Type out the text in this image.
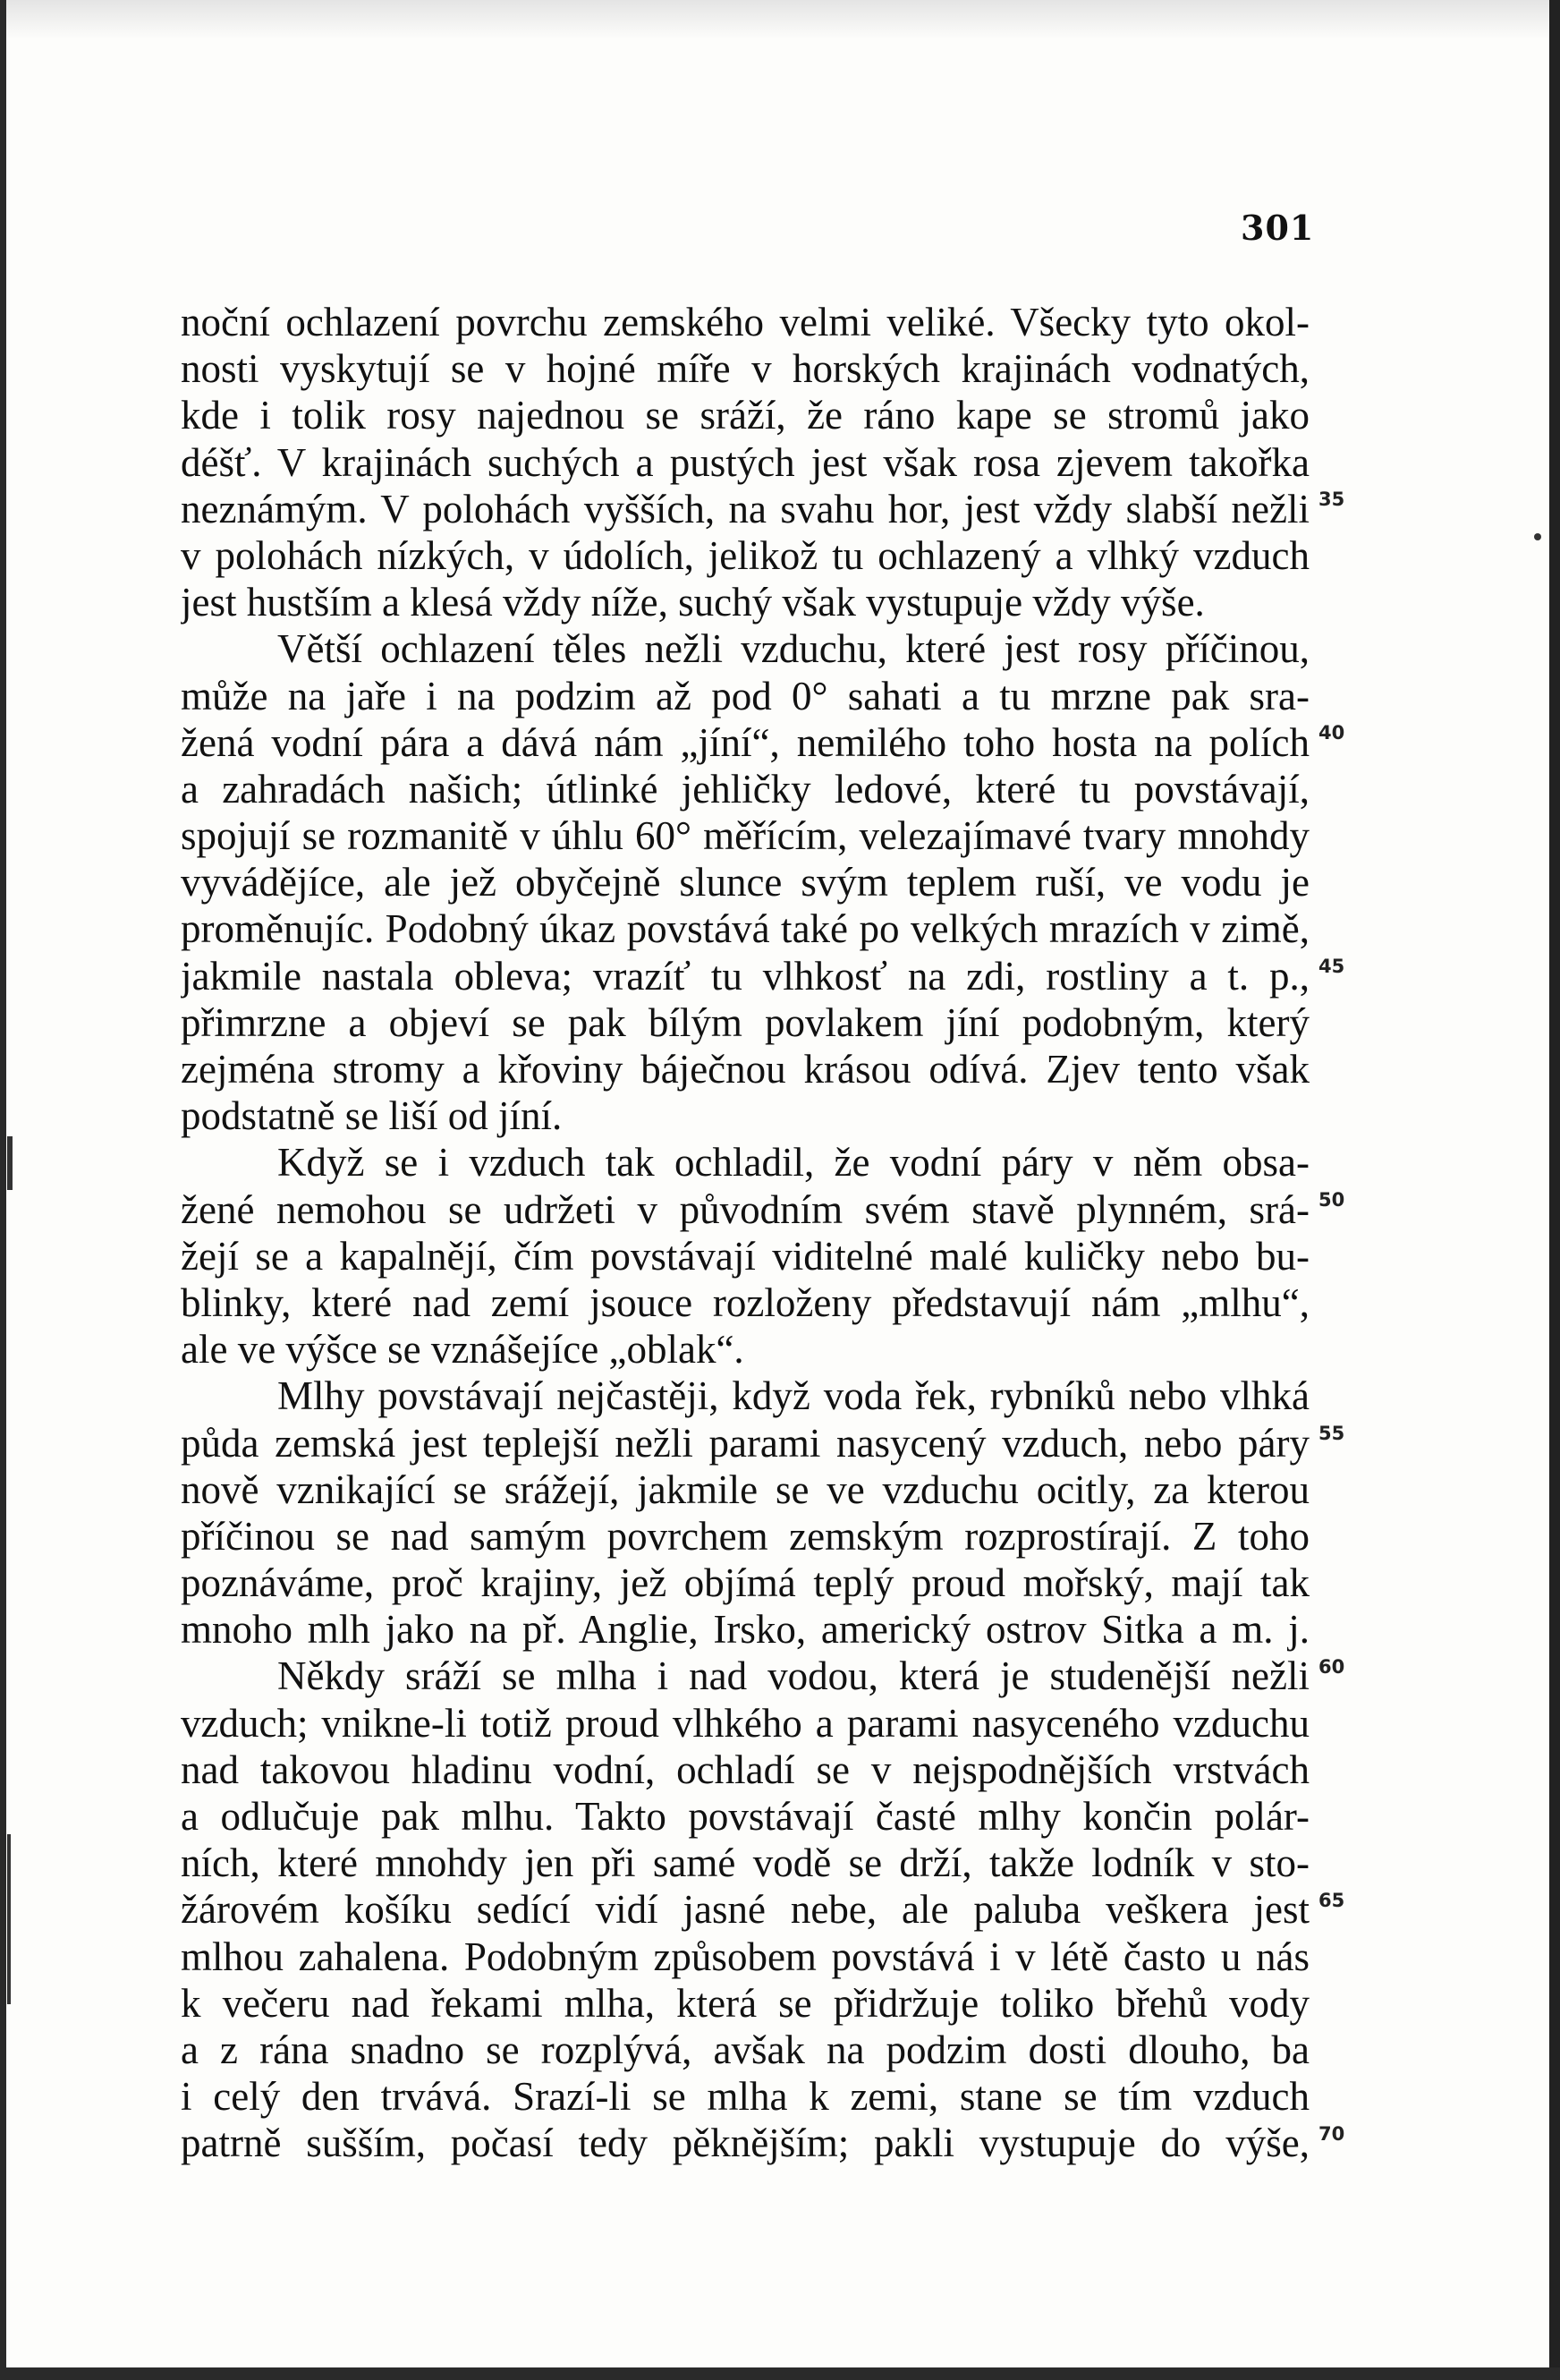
301
noční ochlazení povrchu zemského velmi veliké. Všecky tyto okol-
nosti vyskytují se v hojné míře v horských krajinách vodnatých,
kde i tolik rosy najednou se sráží, že ráno kape se stromů jako
déšť. V krajinách suchých a pustých jest však rosa zjevem takořka
neznámým. V polohách vyšších, na svahu hor, jest vždy slabší nežli
v polohách nízkých, v údolích, jelikož tu ochlazený a vlhký vzduch
jest hustším a klesá vždy níže, suchý však vystupuje vždy výše.
Větší ochlazení těles nežli vzduchu, které jest rosy příčinou,
může na jaře i na podzim až pod 0° sahati a tu mrzne pak sra-
žená vodní pára a dává nám „jíní“, nemilého toho hosta na polích
a zahradách našich; útlinké jehličky ledové, které tu povstávají,
spojují se rozmanitě v úhlu 60° měřícím, velezajímavé tvary mnohdy
vyvádějíce, ale jež obyčejně slunce svým teplem ruší, ve vodu je
proměnujíc. Podobný úkaz povstává také po velkých mrazích v zimě,
jakmile nastala obleva; vrazíť tu vlhkosť na zdi, rostliny a t. p.,
přimrzne a objeví se pak bílým povlakem jíní podobným, který
zejména stromy a křoviny báječnou krásou odívá. Zjev tento však
podstatně se liší od jíní.
Když se i vzduch tak ochladil, že vodní páry v něm obsa-
žené nemohou se udržeti v původním svém stavě plynném, srá-
žejí se a kapalnějí, čím povstávají viditelné malé kuličky nebo bu-
blinky, které nad zemí jsouce rozloženy představují nám „mlhu“,
ale ve výšce se vznášejíce „oblak“.
Mlhy povstávají nejčastěji, když voda řek, rybníků nebo vlhká
půda zemská jest teplejší nežli parami nasycený vzduch, nebo páry
nově vznikající se srážejí, jakmile se ve vzduchu ocitly, za kterou
příčinou se nad samým povrchem zemským rozprostírají. Z toho
poznáváme, proč krajiny, jež objímá teplý proud mořský, mají tak
mnoho mlh jako na př. Anglie, Irsko, americký ostrov Sitka a m. j.
Někdy sráží se mlha i nad vodou, která je studenější nežli
vzduch; vnikne-li totiž proud vlhkého a parami nasyceného vzduchu
nad takovou hladinu vodní, ochladí se v nejspodnějších vrstvách
a odlučuje pak mlhu. Takto povstávají časté mlhy končin polár-
ních, které mnohdy jen při samé vodě se drží, takže lodník v sto-
žárovém košíku sedící vidí jasné nebe, ale paluba veškera jest
mlhou zahalena. Podobným způsobem povstává i v létě často u nás
k večeru nad řekami mlha, která se přidržuje toliko břehů vody
a z rána snadno se rozplývá, avšak na podzim dosti dlouho, ba
i celý den trvává. Srazí-li se mlha k zemi, stane se tím vzduch
patrně sušším, počasí tedy pěknějším; pakli vystupuje do výše,
35
40
45
50
55
60
65
70
